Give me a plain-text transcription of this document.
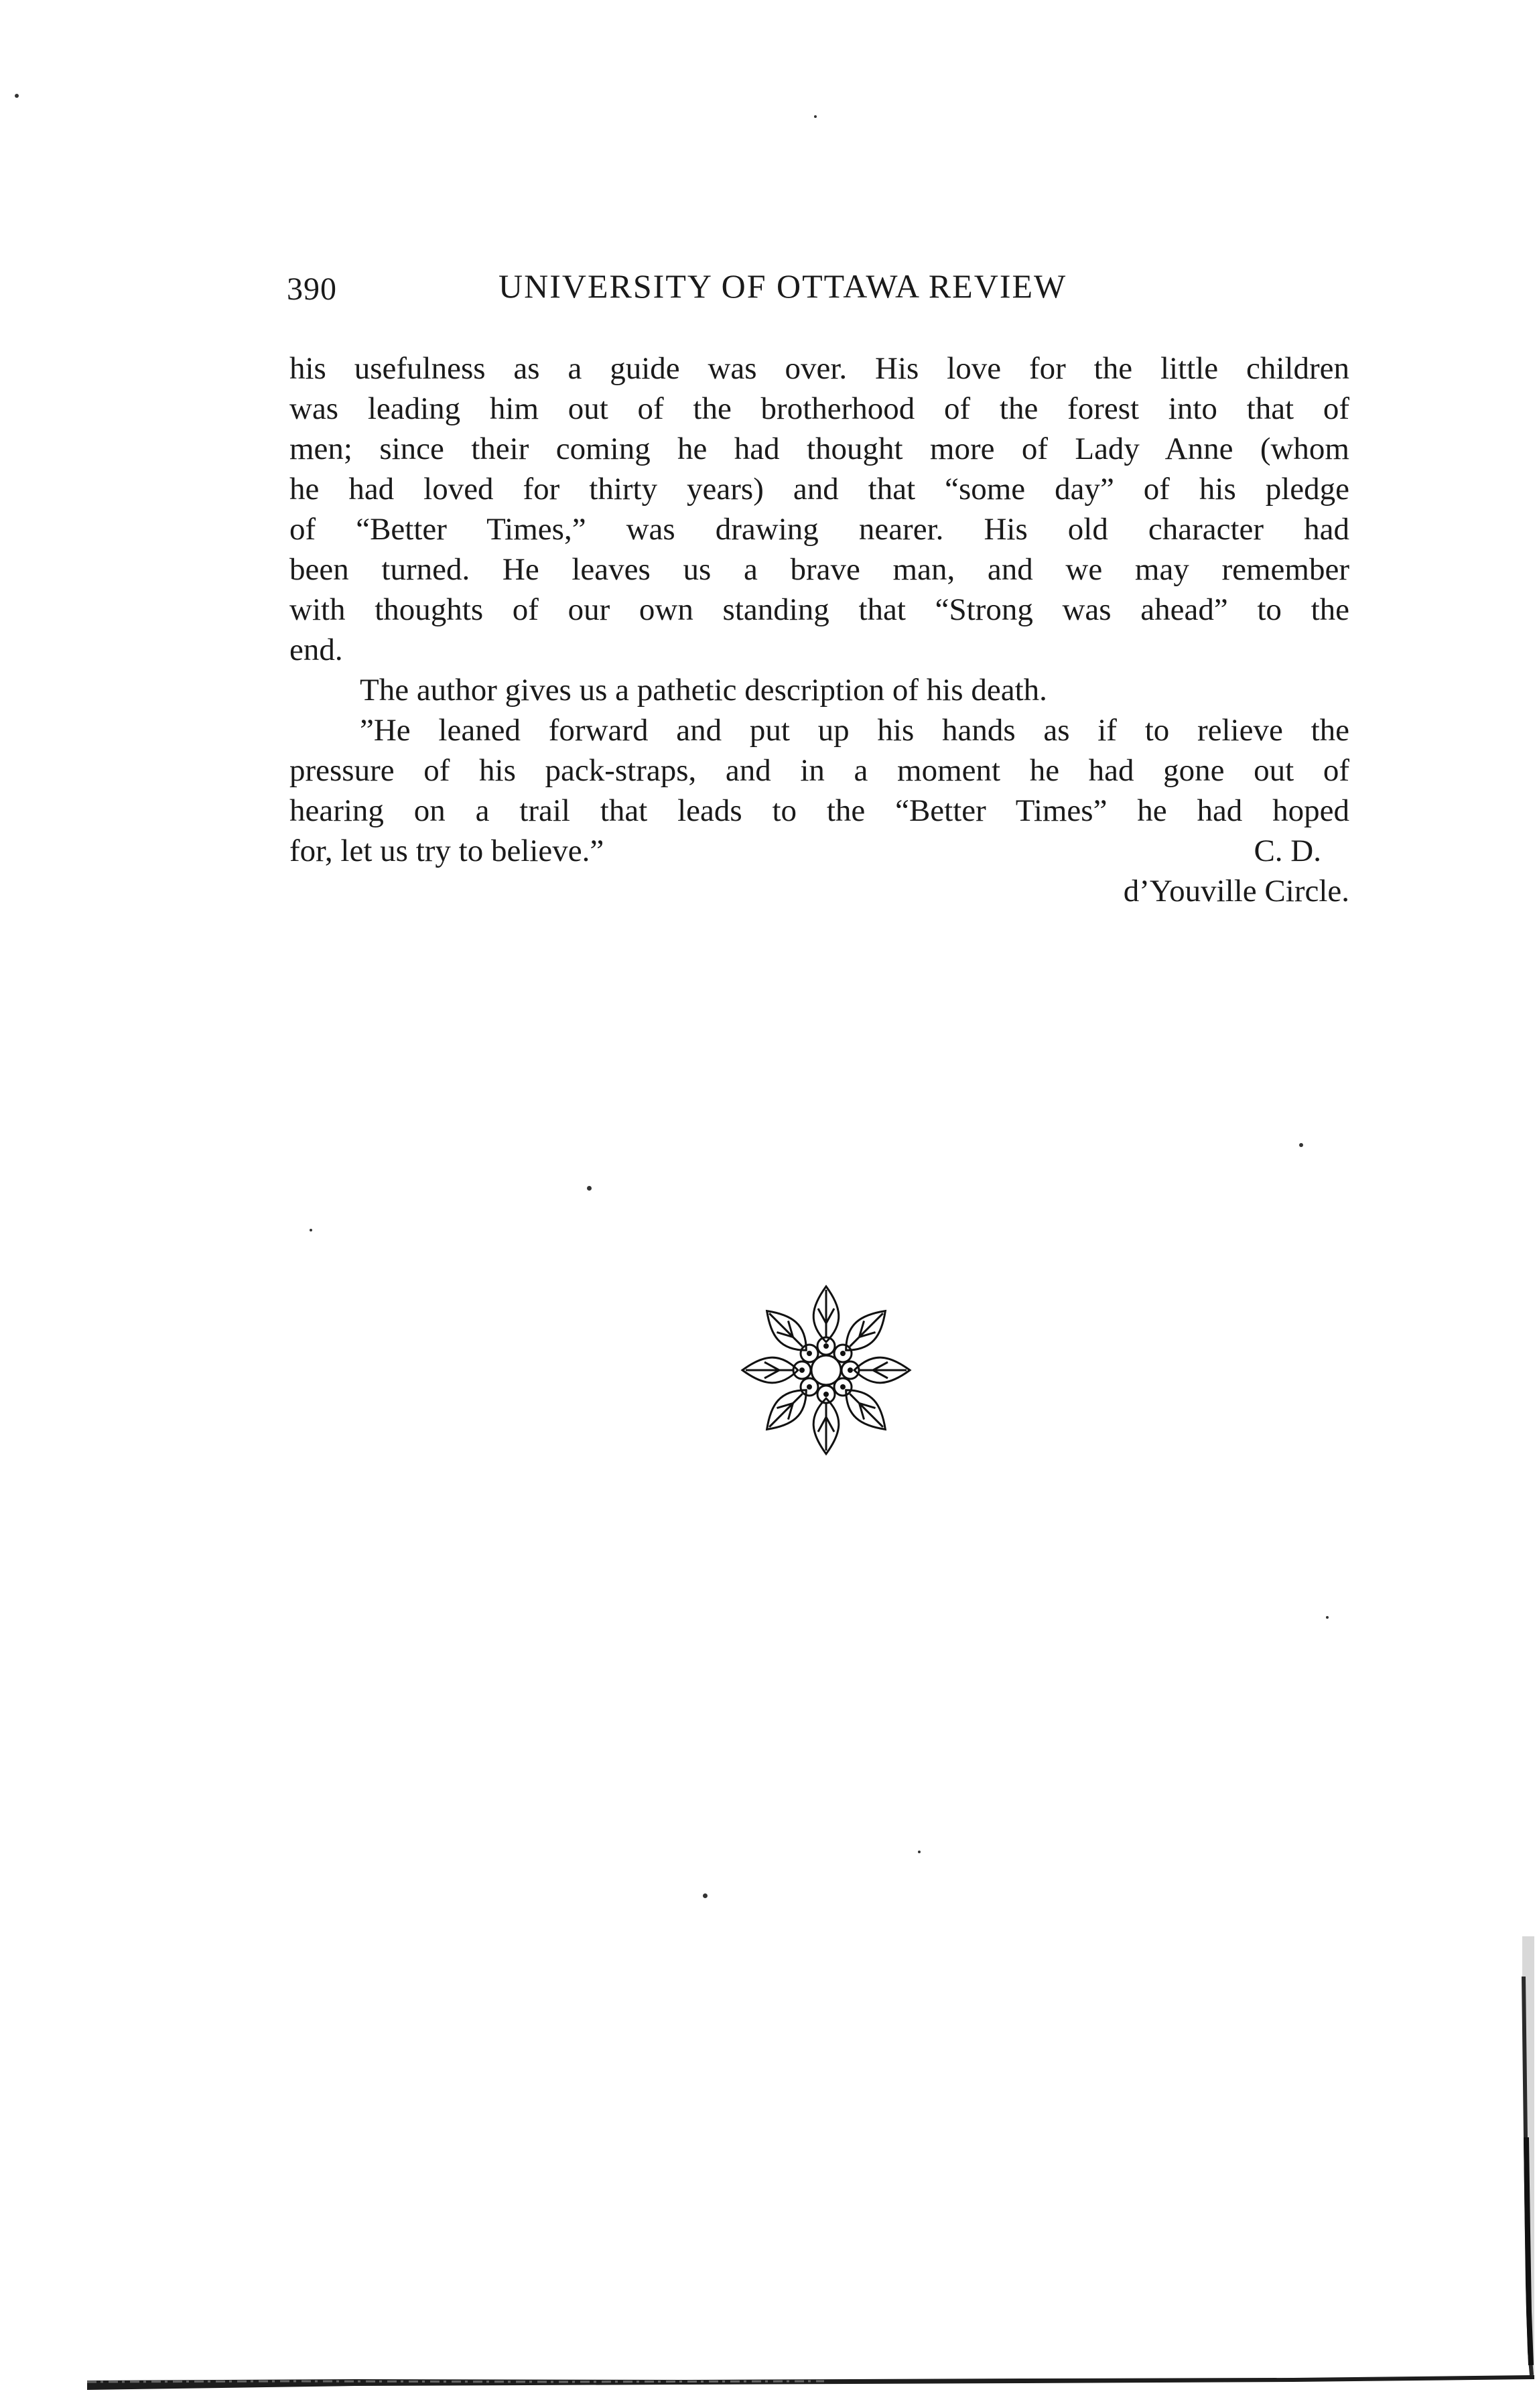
390	UNIVERSITY OF OTTAWA REVIEW
his usefulness as a guide was over. His love for the little children
was leading him out of the brotherhood of the forest into that of
men; since their coming he had thought more of Lady Anne (whom
he had loved for thirty years) and that “some day” of his pledge
of “Better Times,” was drawing nearer. His old character had
been turned. He leaves us a brave man, and we may remember
with thoughts of our own standing that “Strong was ahead” to the
end.
The author gives us a pathetic description of his death.
”He leaned forward and put up his hands as if to relieve the
pressure of his pack-straps, and in a moment he had gone out of
hearing on a trail that leads to the “Better Times” he had hoped
for, let us try to believe.”	C. D.
d’Youville Circle.
